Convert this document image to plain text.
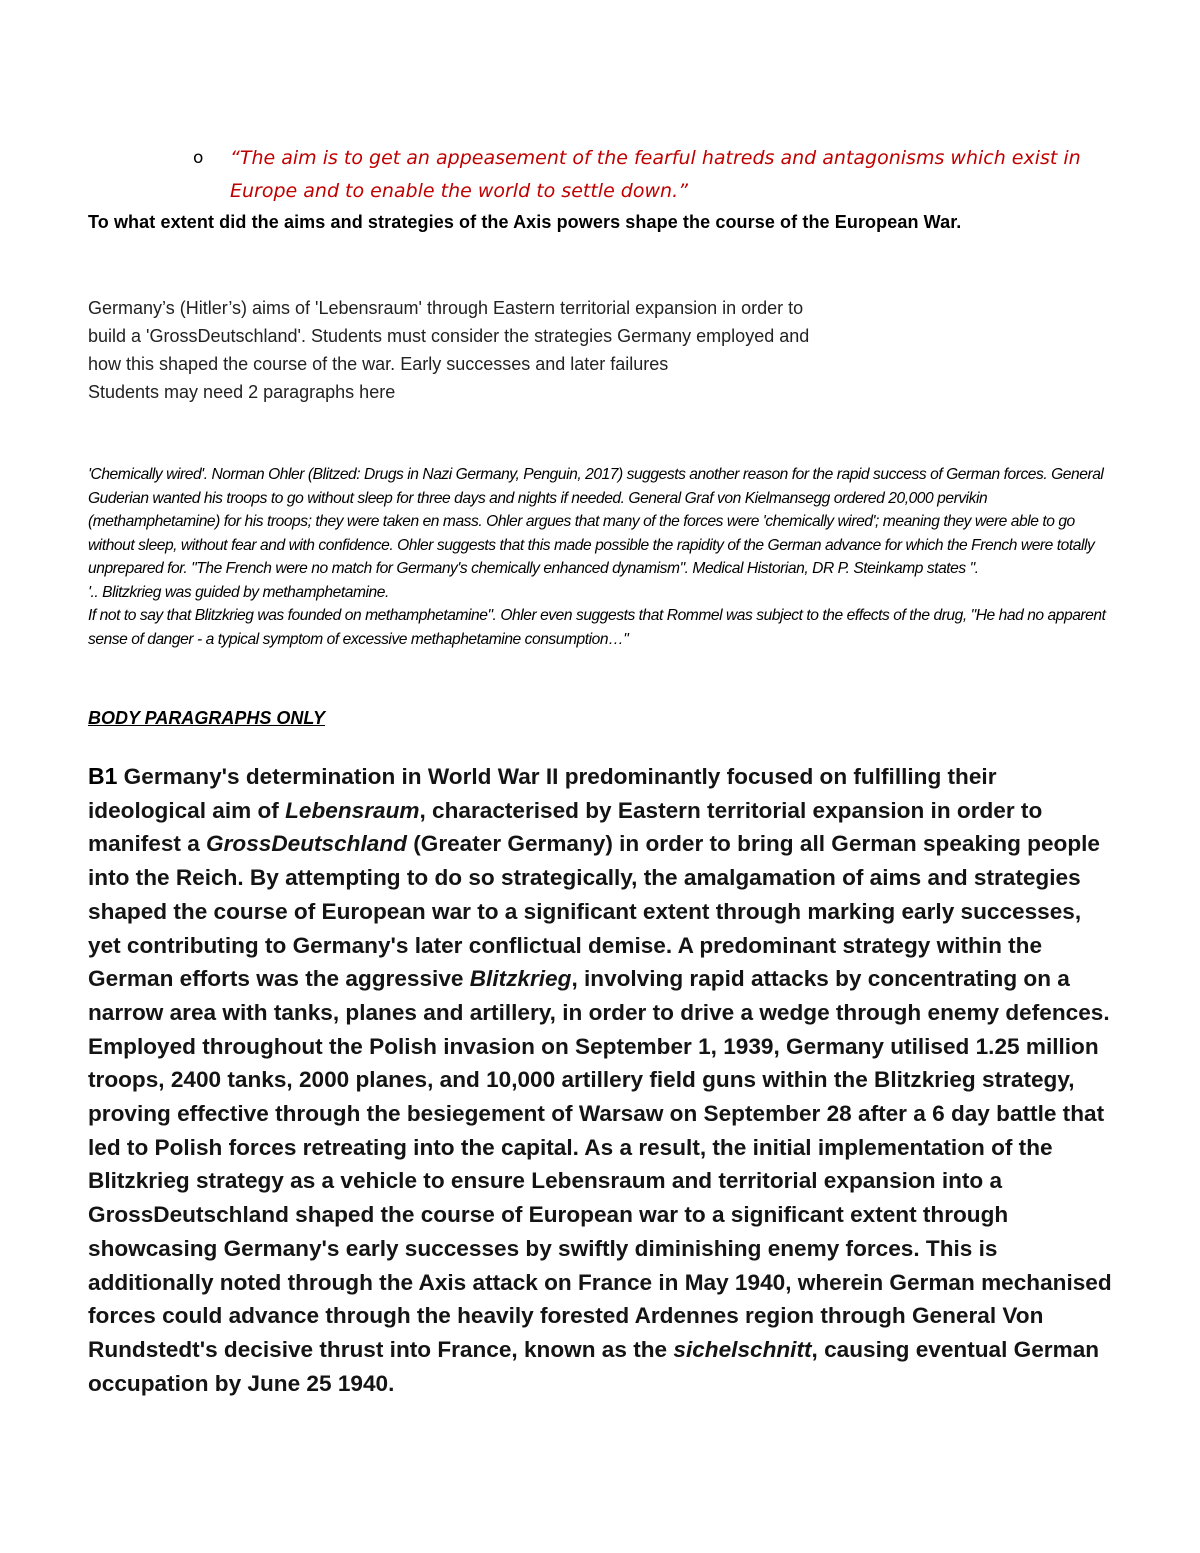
o	“The aim is to get an appeasement of the fearful hatreds and antagonisms which exist in Europe and to enable the world to settle down.”
To what extent did the aims and strategies of the Axis powers shape the course of the European War.

Germany’s (Hitler’s) aims of 'Lebensraum' through Eastern territorial expansion in order to

build a 'GrossDeutschland'. Students must consider the strategies Germany employed and

how this shaped the course of the war. Early successes and later failures

Students may need 2 paragraphs here

'Chemically wired'. Norman Ohler (Blitzed: Drugs in Nazi Germany, Penguin, 2017) suggests another reason for the rapid success of German forces. General Guderian wanted his troops to go without sleep for three days and nights if needed. General Graf von Kielmansegg ordered 20,000 pervikin (methamphetamine) for his troops; they were taken en mass. Ohler argues that many of the forces were 'chemically wired'; meaning they were able to go without sleep, without fear and with confidence. Ohler suggests that this made possible the rapidity of the German advance for which the French were totally unprepared for. "The French were no match for Germany's chemically enhanced dynamism". Medical Historian, DR P. Steinkamp states ".

'.. Blitzkrieg was guided by methamphetamine.

If not to say that Blitzkrieg was founded on methamphetamine". Ohler even suggests that Rommel was subject to the effects of the drug, "He had no apparent sense of danger - a typical symptom of excessive methaphetamine consumption…"

BODY PARAGRAPHS ONLY

B1 Germany's determination in World War II predominantly focused on fulfilling their ideological aim of Lebensraum, characterised by Eastern territorial expansion in order to manifest a GrossDeutschland (Greater Germany) in order to bring all German speaking people into the Reich. By attempting to do so strategically, the amalgamation of aims and strategies shaped the course of European war to a significant extent through marking early successes, yet contributing to Germany's later conflictual demise. A predominant strategy within the German efforts was the aggressive Blitzkrieg, involving rapid attacks by concentrating on a narrow area with tanks, planes and artillery, in order to drive a wedge through enemy defences. Employed throughout the Polish invasion on September 1, 1939, Germany utilised 1.25 million troops, 2400 tanks, 2000 planes, and 10,000 artillery field guns within the Blitzkrieg strategy, proving effective through the besiegement of Warsaw on September 28 after a 6 day battle that led to Polish forces retreating into the capital. As a result, the initial implementation of the Blitzkrieg strategy as a vehicle to ensure Lebensraum and territorial expansion into a GrossDeutschland shaped the course of European war to a significant extent through showcasing Germany's early successes by swiftly diminishing enemy forces. This is additionally noted through the Axis attack on France in May 1940, wherein German mechanised forces could advance through the heavily forested Ardennes region through General Von Rundstedt's decisive thrust into France, known as the sichelschnitt, causing eventual German occupation by June 25 1940.
